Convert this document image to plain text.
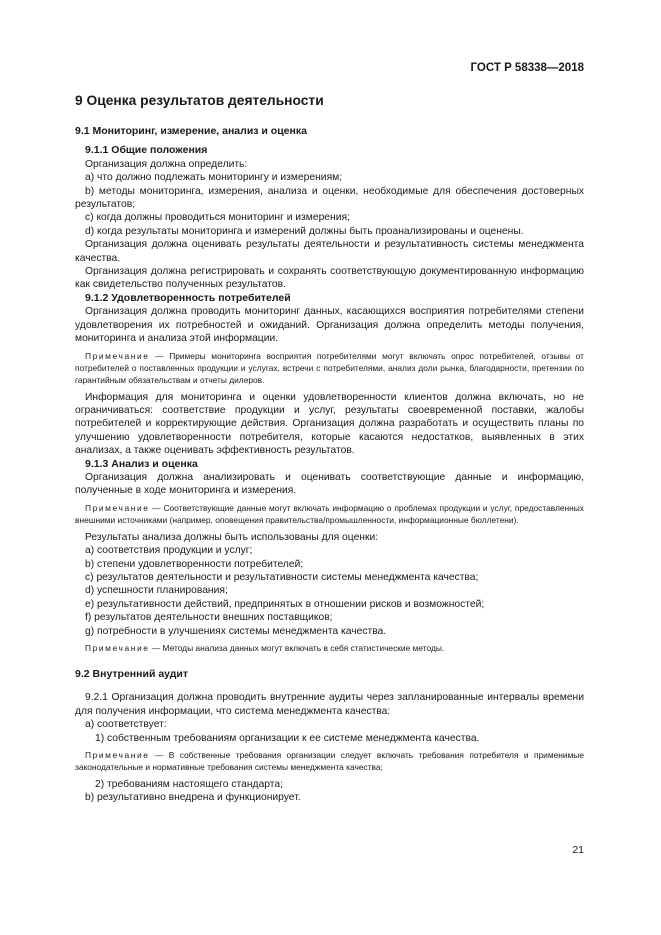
ГОСТ Р 58338—2018
9 Оценка результатов деятельности
9.1 Мониторинг, измерение, анализ и оценка
9.1.1 Общие положения

Организация должна определить:

a) что должно подлежать мониторингу и измерениям;

b) методы мониторинга, измерения, анализа и оценки, необходимые для обеспечения достоверных результатов;

c) когда должны проводиться мониторинг и измерения;

d) когда результаты мониторинга и измерений должны быть проанализированы и оценены.

Организация должна оценивать результаты деятельности и результативность системы менеджмента качества.

Организация должна регистрировать и сохранять соответствующую документированную информацию как свидетельство полученных результатов.

9.1.2 Удовлетворенность потребителей

Организация должна проводить мониторинг данных, касающихся восприятия потребителями степени удовлетворения их потребностей и ожиданий. Организация должна определить методы получения, мониторинга и анализа этой информации.

Примечание — Примеры мониторинга восприятия потребителями могут включать опрос потребителей, отзывы от потребителей о поставленных продукции и услугах, встречи с потребителями, анализ доли рынка, благодарности, претензии по гарантийным обязательствам и отчеты дилеров.

Информация для мониторинга и оценки удовлетворенности клиентов должна включать, но не ограничиваться: соответствие продукции и услуг, результаты своевременной поставки, жалобы потребителей и корректирующие действия. Организация должна разработать и осуществить планы по улучшению удовлетворенности потребителя, которые касаются недостатков, выявленных в этих анализах, а также оценивать эффективность результатов.

9.1.3 Анализ и оценка

Организация должна анализировать и оценивать соответствующие данные и информацию, полученные в ходе мониторинга и измерения.

Примечание — Соответствующие данные могут включать информацию о проблемах продукции и услуг, предоставленных внешними источниками (например, оповещения правительства/промышленности, информационные бюллетени).

Результаты анализа должны быть использованы для оценки:

a) соответствия продукции и услуг;

b) степени удовлетворенности потребителей;

c) результатов деятельности и результативности системы менеджмента качества;

d) успешности планирования;

e) результативности действий, предпринятых в отношении рисков и возможностей;

f) результатов деятельности внешних поставщиков;

g) потребности в улучшениях системы менеджмента качества.

Примечание — Методы анализа данных могут включать в себя статистические методы.
9.2 Внутренний аудит

9.2.1 Организация должна проводить внутренние аудиты через запланированные интервалы времени для получения информации, что система менеджмента качества:

a) соответствует:

1) собственным требованиям организации к ее системе менеджмента качества.

Примечание — В собственные требования организации следует включать требования потребителя и применимые законодательные и нормативные требования системы менеджмента качества;

2) требованиям настоящего стандарта;

b) результативно внедрена и функционирует.

21
